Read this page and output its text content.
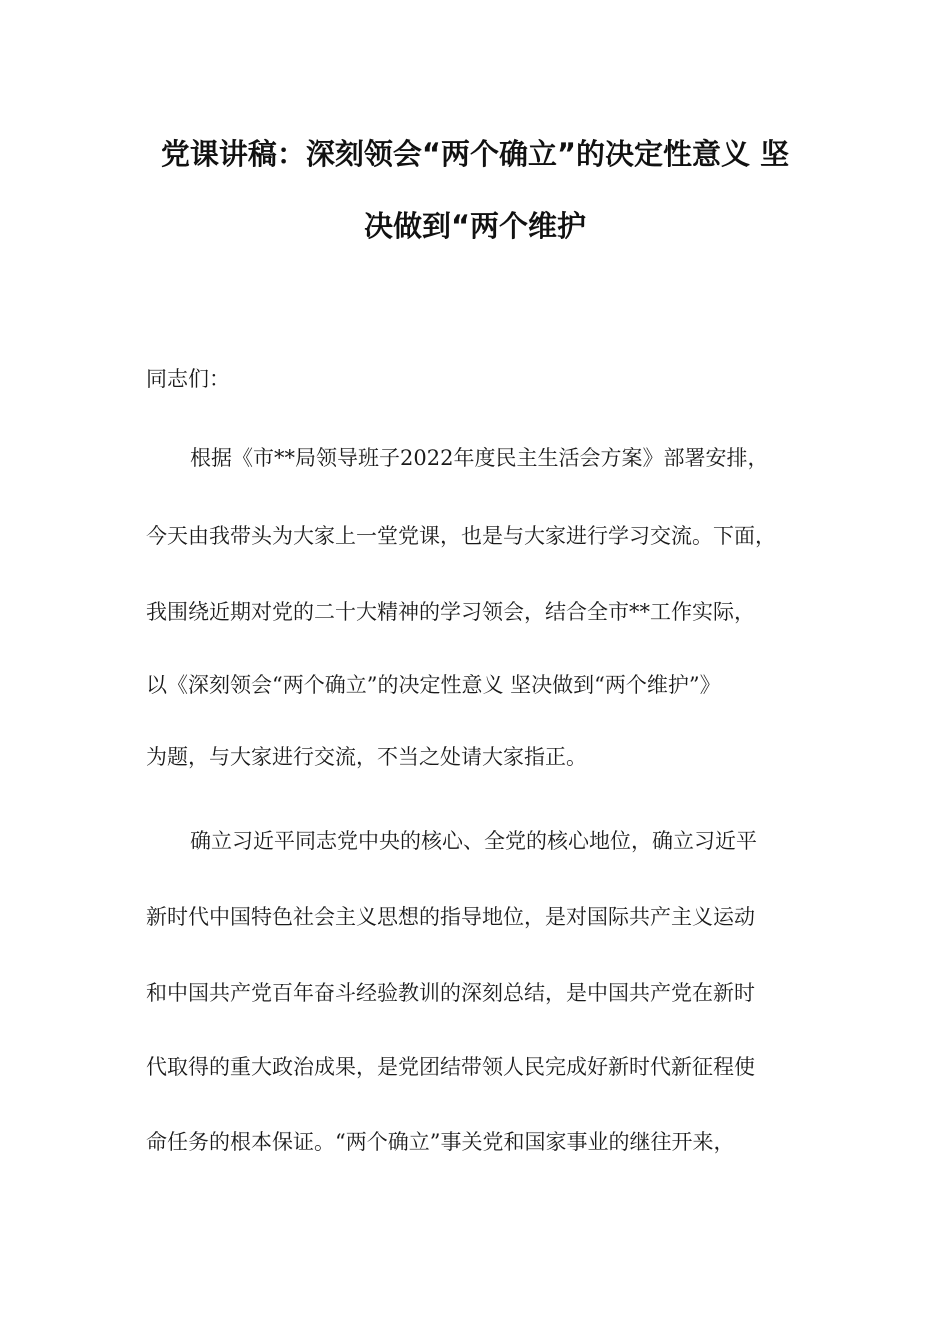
党课讲稿：深刻领会“两个确立”的决定性意义 坚
决做到“两个维护
同志们：
根据《市**局领导班子2022年度民主生活会方案》部署安排，
今天由我带头为大家上一堂党课，也是与大家进行学习交流。下面，
我围绕近期对党的二十大精神的学习领会，结合全市**工作实际，
以《深刻领会“两个确立”的决定性意义 坚决做到“两个维护”》
为题，与大家进行交流，不当之处请大家指正。
确立习近平同志党中央的核心、全党的核心地位，确立习近平
新时代中国特色社会主义思想的指导地位，是对国际共产主义运动
和中国共产党百年奋斗经验教训的深刻总结，是中国共产党在新时
代取得的重大政治成果，是党团结带领人民完成好新时代新征程使
命任务的根本保证。“两个确立”事关党和国家事业的继往开来，
